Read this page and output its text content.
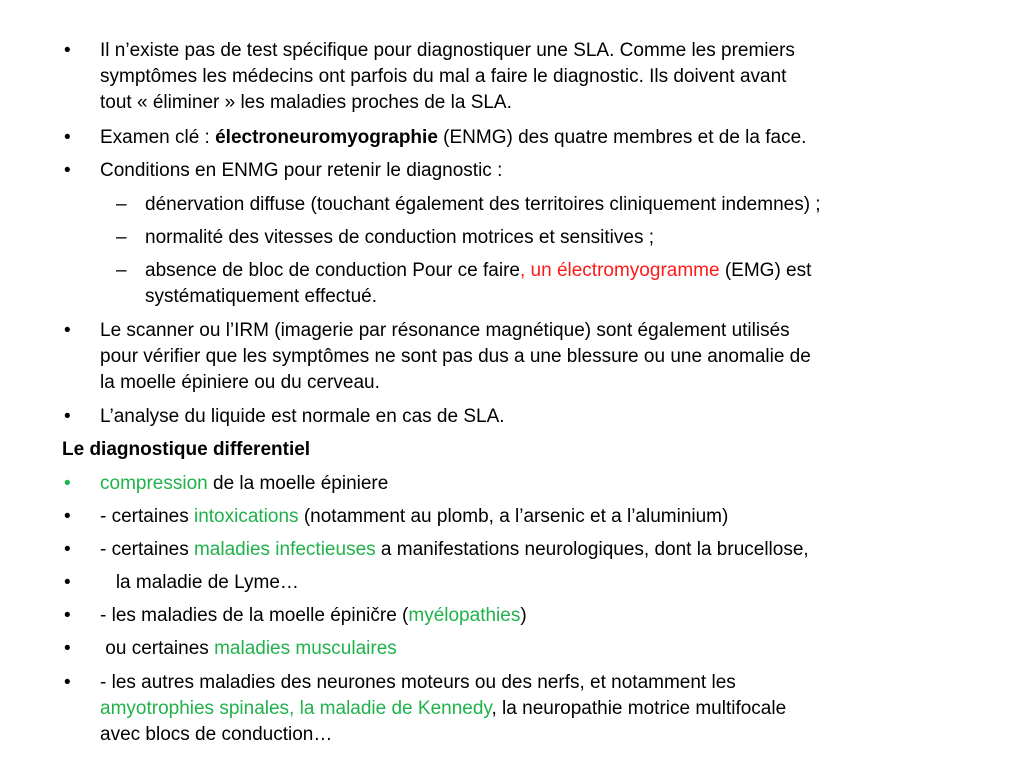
• Il n’existe pas de test spécifique pour diagnostiquer une SLA. Comme les premiers
symptômes les médecins ont parfois du mal a faire le diagnostic. Ils doivent avant
tout « éliminer » les maladies proches de la SLA.
• Examen clé : électroneuromyographie (ENMG) des quatre membres et de la face.
• Conditions en ENMG pour retenir le diagnostic :
– dénervation diffuse (touchant également des territoires cliniquement indemnes) ;
– normalité des vitesses de conduction motrices et sensitives ;
– absence de bloc de conduction Pour ce faire, un électromyogramme (EMG) est
systématiquement effectué.
• Le scanner ou l’IRM (imagerie par résonance magnétique) sont également utilisés
pour vérifier que les symptômes ne sont pas dus a une blessure ou une anomalie de
la moelle épiniere ou du cerveau.
• L’analyse du liquide est normale en cas de SLA.
Le diagnostique differentiel
• compression de la moelle épiniere
• - certaines intoxications (notamment au plomb, a l’arsenic et a l’aluminium)
• - certaines maladies infectieuses a manifestations neurologiques, dont la brucellose,
• la maladie de Lyme…
• - les maladies de la moelle épiničre (myélopathies)
• ou certaines maladies musculaires
• - les autres maladies des neurones moteurs ou des nerfs, et notamment les
amyotrophies spinales, la maladie de Kennedy, la neuropathie motrice multifocale
avec blocs de conduction…
